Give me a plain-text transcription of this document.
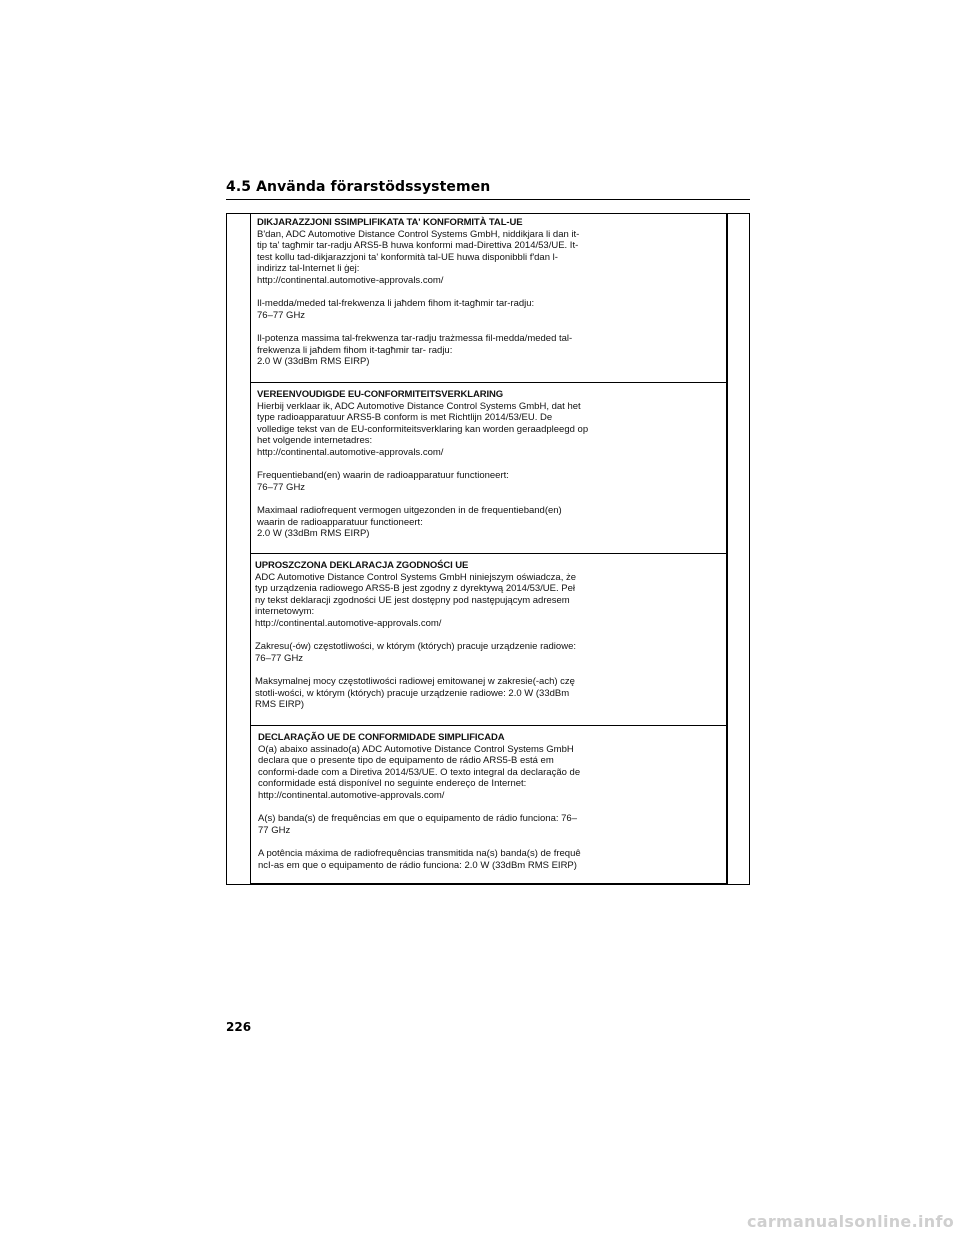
4.5 Använda förarstödssystemen
DIKJARAZZJONI SSIMPLIFIKATA TA' KONFORMITÀ TAL-UE
B'dan, ADC Automotive Distance Control Systems GmbH, niddikjara li dan it-
tip ta' tagħmir tar-radju ARS5-B huwa konformi mad-Direttiva 2014/53/UE. It-
test kollu tad-dikjarazzjoni ta' konformità tal-UE huwa disponibbli f'dan l-
indirizz tal-Internet li ġej:
http://continental.automotive-approvals.com/
Il-medda/meded tal-frekwenza li jaħdem fihom it-tagħmir tar-radju:
76–77 GHz
Il-potenza massima tal-frekwenza tar-radju trażmessa fil-medda/meded tal-
frekwenza li jaħdem fihom it-tagħmir tar- radju:
2.0 W (33dBm RMS EIRP)
VEREENVOUDIGDE EU-CONFORMITEITSVERKLARING
Hierbij verklaar ik, ADC Automotive Distance Control Systems GmbH, dat het
type radioapparatuur ARS5-B conform is met Richtlijn 2014/53/EU. De
volledige tekst van de EU-conformiteitsverklaring kan worden geraadpleegd op
het volgende internetadres:
http://continental.automotive-approvals.com/
Frequentieband(en) waarin de radioapparatuur functioneert:
76–77 GHz
Maximaal radiofrequent vermogen uitgezonden in de frequentieband(en)
waarin de radioapparatuur functioneert:
2.0 W (33dBm RMS EIRP)
UPROSZCZONA DEKLARACJA ZGODNOŚCI UE
ADC Automotive Distance Control Systems GmbH niniejszym oświadcza, że
typ urządzenia radiowego ARS5-B jest zgodny z dyrektywą 2014/53/UE. Peł
ny tekst deklaracji zgodności UE jest dostępny pod następującym adresem
internetowym:
http://continental.automotive-approvals.com/
Zakresu(-ów) częstotliwości, w którym (których) pracuje urządzenie radiowe:
76–77 GHz
Maksymalnej mocy częstotliwości radiowej emitowanej w zakresie(-ach) czę
stotli-wości, w którym (których) pracuje urządzenie radiowe: 2.0 W (33dBm
RMS EIRP)
DECLARAÇÃO UE DE CONFORMIDADE SIMPLIFICADA
O(a) abaixo assinado(a) ADC Automotive Distance Control Systems GmbH
declara que o presente tipo de equipamento de rádio ARS5-B está em
conformi-dade com a Diretiva 2014/53/UE. O texto integral da declaração de
conformidade está disponível no seguinte endereço de Internet:
http://continental.automotive-approvals.com/
A(s) banda(s) de frequências em que o equipamento de rádio funciona: 76–
77 GHz
A potência máxima de radiofrequências transmitida na(s) banda(s) de frequê
ncI-as em que o equipamento de rádio funciona: 2.0 W (33dBm RMS EIRP)
226
carmanualsonline.info
